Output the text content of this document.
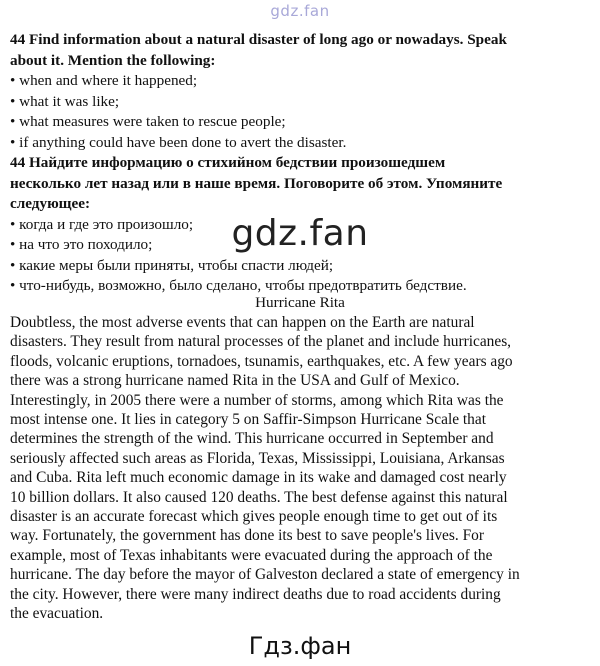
gdz.fan

44 Find information about a natural disaster of long ago or nowadays. Speak
about it. Mention the following:

• when and where it happened;
• what it was like;
• what measures were taken to rescue people;
• if anything could have been done to avert the disaster.

44 Найдите информацию о стихийном бедствии произошедшем
несколько лет назад или в наше время. Поговорите об этом. Упомяните
следующее:

• когда и где это произошло;
• на что это походило;
• какие меры были приняты, чтобы спасти людей;
• что-нибудь, возможно, было сделано, чтобы предотвратить бедствие.
gdz.fan
Hurricane Rita
Doubtless, the most adverse events that can happen on the Earth are natural
disasters. They result from natural processes of the planet and include hurricanes,
floods, volcanic eruptions, tornadoes, tsunamis, earthquakes, etc. A few years ago
there was a strong hurricane named Rita in the USA and Gulf of Mexico.
Interestingly, in 2005 there were a number of storms, among which Rita was the
most intense one. It lies in category 5 on Saffir-Simpson Hurricane Scale that
determines the strength of the wind. This hurricane occurred in September and
seriously affected such areas as Florida, Texas, Mississippi, Louisiana, Arkansas
and Cuba. Rita left much economic damage in its wake and damaged cost nearly
10 billion dollars. It also caused 120 deaths. The best defense against this natural
disaster is an accurate forecast which gives people enough time to get out of its
way. Fortunately, the government has done its best to save people's lives. For
example, most of Texas inhabitants were evacuated during the approach of the
hurricane. The day before the mayor of Galveston declared a state of emergency in
the city. However, there were many indirect deaths due to road accidents during
the evacuation.
Гдз.фан
